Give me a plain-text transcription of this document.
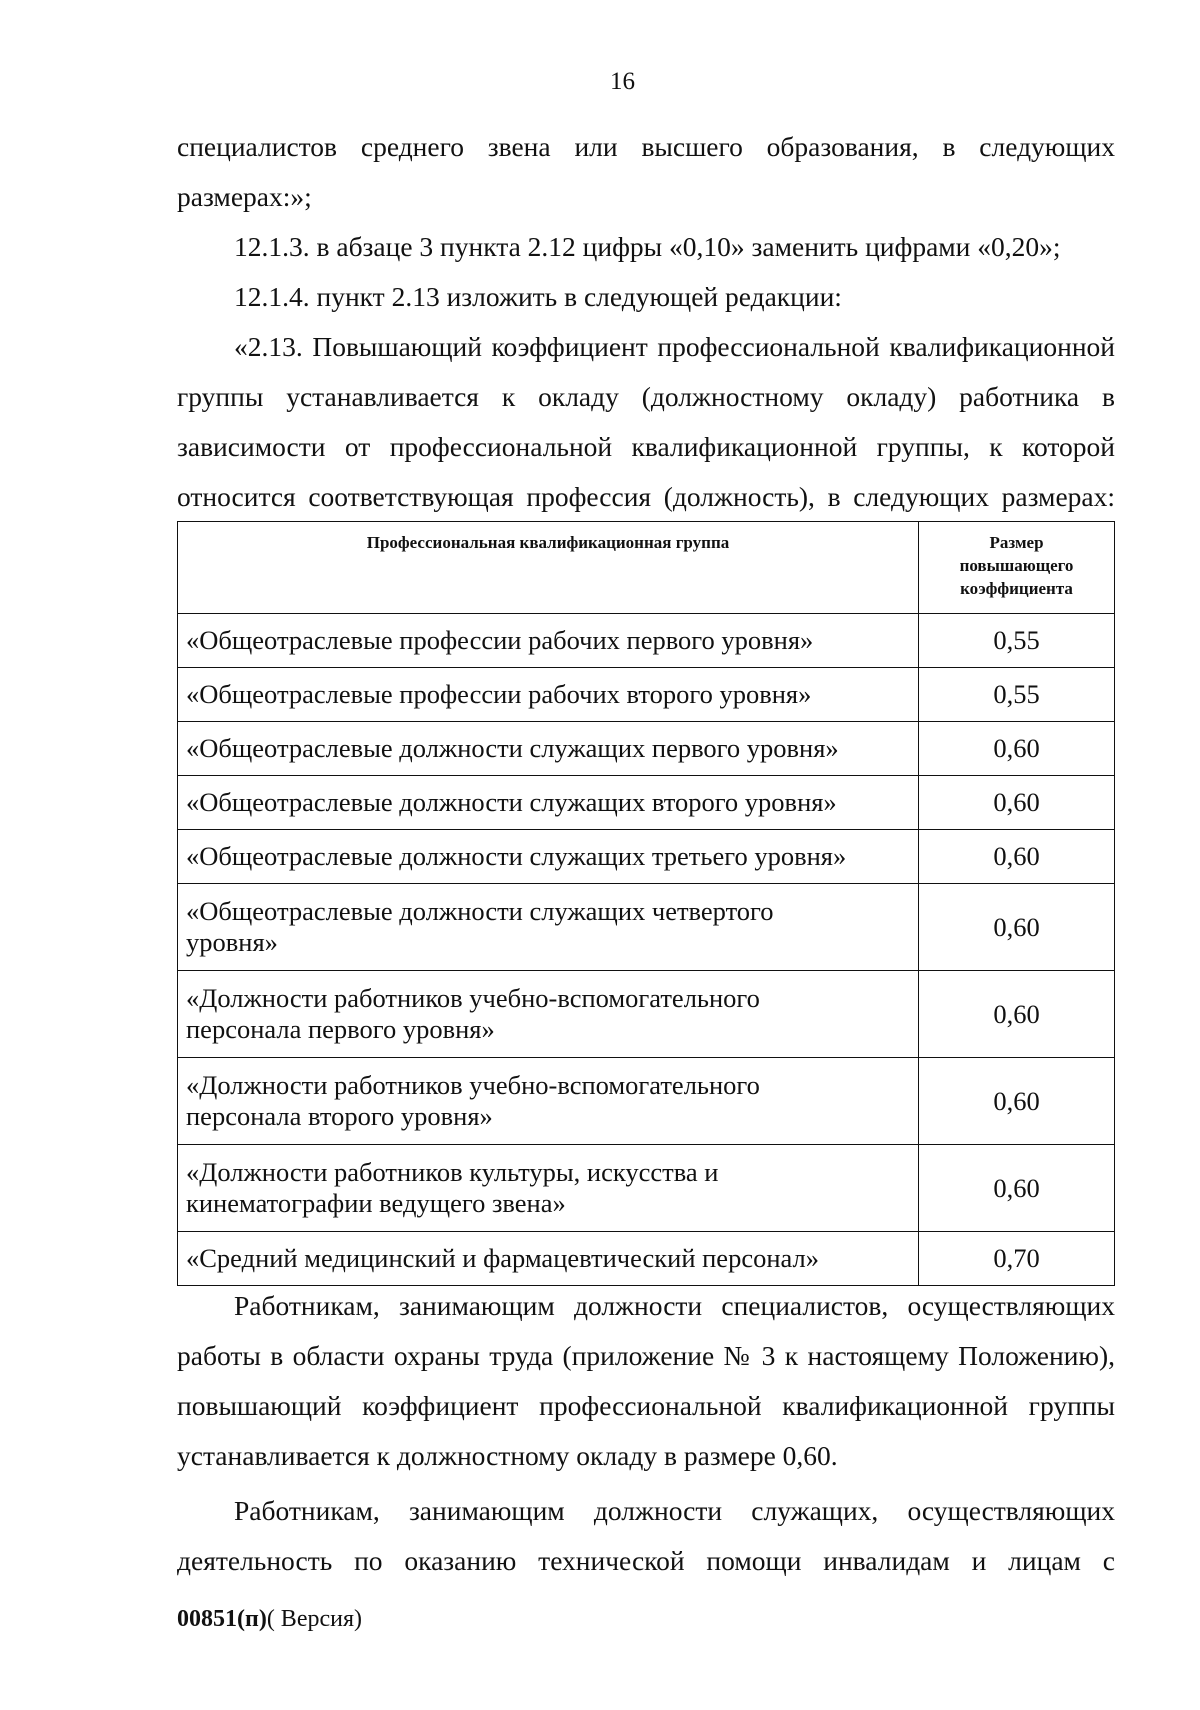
16
специалистов среднего звена или высшего образования, в следующих
размерах:»;
12.1.3. в абзаце 3 пункта 2.12 цифры «0,10» заменить цифрами «0,20»;
12.1.4. пункт 2.13 изложить в следующей редакции:
«2.13. Повышающий коэффициент профессиональной квалификационной
группы устанавливается к окладу (должностному окладу) работника в
зависимости от профессиональной квалификационной группы, к которой
относится соответствующая профессия (должность), в следующих размерах:
Профессиональная квалификационная группа	Размер
повышающего
коэффициента
«Общеотраслевые профессии рабочих первого уровня»	0,55
«Общеотраслевые профессии рабочих второго уровня»	0,55
«Общеотраслевые должности служащих первого уровня»	0,60
«Общеотраслевые должности служащих второго уровня»	0,60
«Общеотраслевые должности служащих третьего уровня»	0,60
«Общеотраслевые должности служащих четвертого
уровня»	0,60
«Должности работников учебно-вспомогательного
персонала первого уровня»	0,60
«Должности работников учебно-вспомогательного
персонала второго уровня»	0,60
«Должности работников культуры, искусства и
кинематографии ведущего звена»	0,60
«Средний медицинский и фармацевтический персонал»	0,70
Работникам, занимающим должности специалистов, осуществляющих
работы в области охраны труда (приложение № 3 к настоящему Положению),
повышающий коэффициент профессиональной квалификационной группы
устанавливается к должностному окладу в размере 0,60.
Работникам, занимающим должности служащих, осуществляющих
деятельность по оказанию технической помощи инвалидам и лицам с
00851(п)( Версия)
